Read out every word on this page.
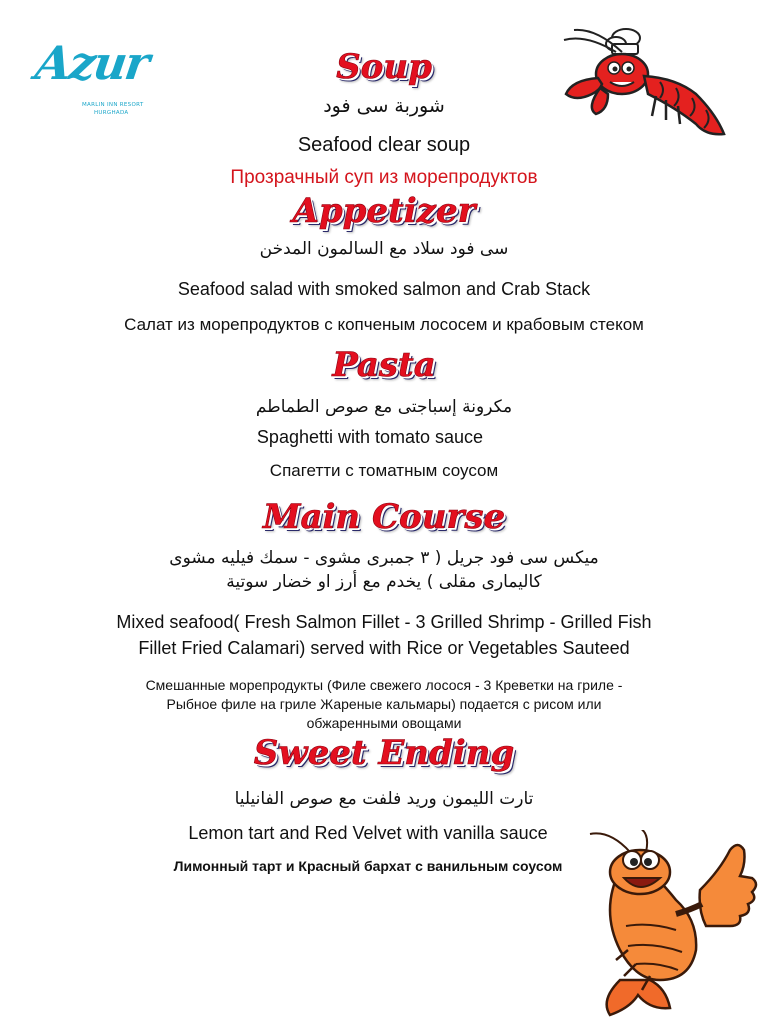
Azur
MARLIN INN RESORT
HURGHADA
Soup
شوربة سى فود
Seafood clear soup
Прозрачный суп из морепродуктов
Appetizer
سى فود سلاد مع السالمون المدخن
Seafood salad with smoked salmon and Crab Stack
Салат из морепродуктов с копченым лососем и крабовым стеком
Pasta
مكرونة إسباجتى مع صوص الطماطم
Spaghetti with tomato sauce
Спагетти с томатным соусом
Main Course
ميكس سى فود جريل ( ٣ جمبرى مشوى - سمك فيليه مشوى
كاليمارى مقلى ) يخدم مع أرز او خضار سوتية
Mixed seafood( Fresh Salmon Fillet - 3 Grilled Shrimp - Grilled Fish
Fillet Fried Calamari) served with Rice or Vegetables Sauteed
Смешанные морепродукты (Филе свежего лосося - 3 Креветки на гриле -
Рыбное филе на гриле Жареные кальмары) подается с рисом или
обжаренными овощами
Sweet Ending
تارت الليمون وريد فلفت مع صوص الفانيليا
Lemon tart and Red Velvet with vanilla sauce
Лимонный тарт и Красный бархат с ванильным соусом
